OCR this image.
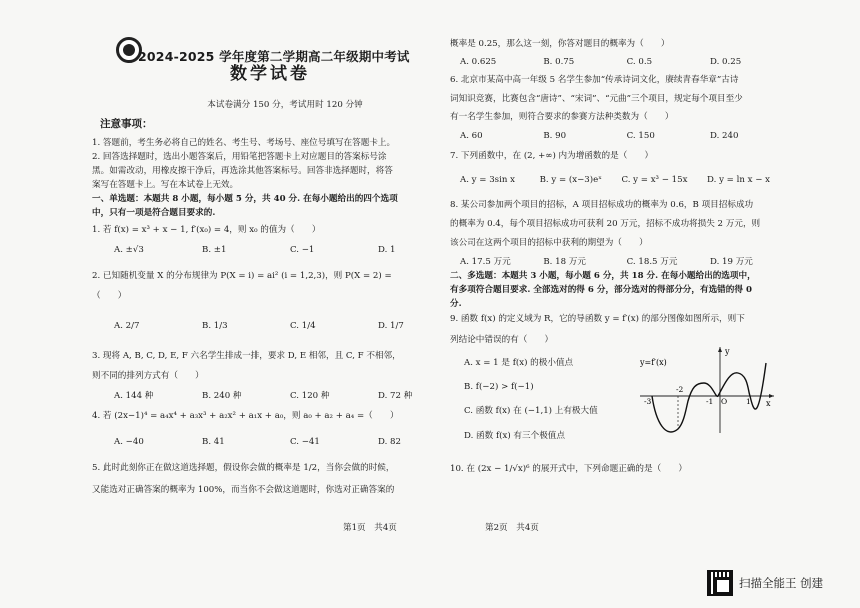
2024-2025 学年度第二学期高二年级期中考试
数学试卷
本试卷满分 150 分，考试用时 120 分钟
注意事项：
1. 答题前，考生务必将自己的姓名、考生号、考场号、座位号填写在答题卡上。
2. 回答选择题时，选出小题答案后，用铅笔把答题卡上对应题目的答案标号涂
黑。如需改动，用橡皮擦干净后，再选涂其他答案标号。回答非选择题时，将答
案写在答题卡上。写在本试卷上无效。
一、单选题：本题共 8 小题，每小题 5 分，共 40 分. 在每小题给出的四个选项
中，只有一项是符合题目要求的.
1. 若 f(x) = x³ + x − 1, f′(x₀) = 4，则 x₀ 的值为（　　）
A. ±√3	B. ±1	C. −1	D. 1
2. 已知随机变量 X 的分布规律为 P(X = i) = ai² (i = 1,2,3)，则 P(X = 2) =
（　　）
A. 2/7	B. 1/3	C. 1/4	D. 1/7
3. 现将 A, B, C, D, E, F 六名学生排成一排，要求 D, E 相邻，且 C, F 不相邻，
则不同的排列方式有（　　）
A. 144 种	B. 240 种	C. 120 种	D. 72 种
4. 若 (2x−1)⁴ = a₄x⁴ + a₃x³ + a₂x² + a₁x + a₀，则 a₀ + a₂ + a₄ =（　　）
A. −40	B. 41	C. −41	D. 82
5. 此时此刻你正在做这道选择题，假设你会做的概率是 1/2，当你会做的时候，
又能选对正确答案的概率为 100%，而当你不会做这道题时，你选对正确答案的
第1页　共4页	第2页　共4页
概率是 0.25，那么这一刻，你答对题目的概率为（　　）
A. 0.625	B. 0.75	C. 0.5	D. 0.25
6. 北京市某高中高一年级 5 名学生参加“传承诗词文化，赓续青春华章”古诗
词知识竞赛，比赛包含“唐诗”、“宋词”、“元曲”三个项目，规定每个项目至少
有一名学生参加，则符合要求的参赛方法种类数为（　　）
A. 60	B. 90	C. 150	D. 240
7. 下列函数中，在 (2, +∞) 内为增函数的是（　　）
A. y = 3sin x	B. y = (x−3)eˣ C. y = x³ − 15x D. y = ln x − x
8. 某公司参加两个项目的招标，A 项目招标成功的概率为 0.6，B 项目招标成功
的概率为 0.4，每个项目招标成功可获利 20 万元，招标不成功将损失 2 万元，则
该公司在这两个项目的招标中获利的期望为（　　）
A. 17.5 万元	B. 18 万元	C. 18.5 万元	D. 19 万元
二、多选题：本题共 3 小题，每小题 6 分，共 18 分. 在每小题给出的选项中，
有多项符合题目要求. 全部选对的得 6 分，部分选对的得部分分，有选错的得 0
分.
9. 函数 f(x) 的定义域为 R，它的导函数 y = f′(x) 的部分图像如图所示，则下
列结论中错误的有（　　）
A. x = 1 是 f(x) 的极小值点
B. f(−2) > f(−1)
C. 函数 f(x) 在 (−1,1) 上有极大值
D. 函数 f(x) 有三个极值点
10. 在 (2x − 1/√x)⁶ 的展开式中，下列命题正确的是（　　）
y=f′(x)
y
x
-3
-2
-1 O	1
扫描全能王 创建
